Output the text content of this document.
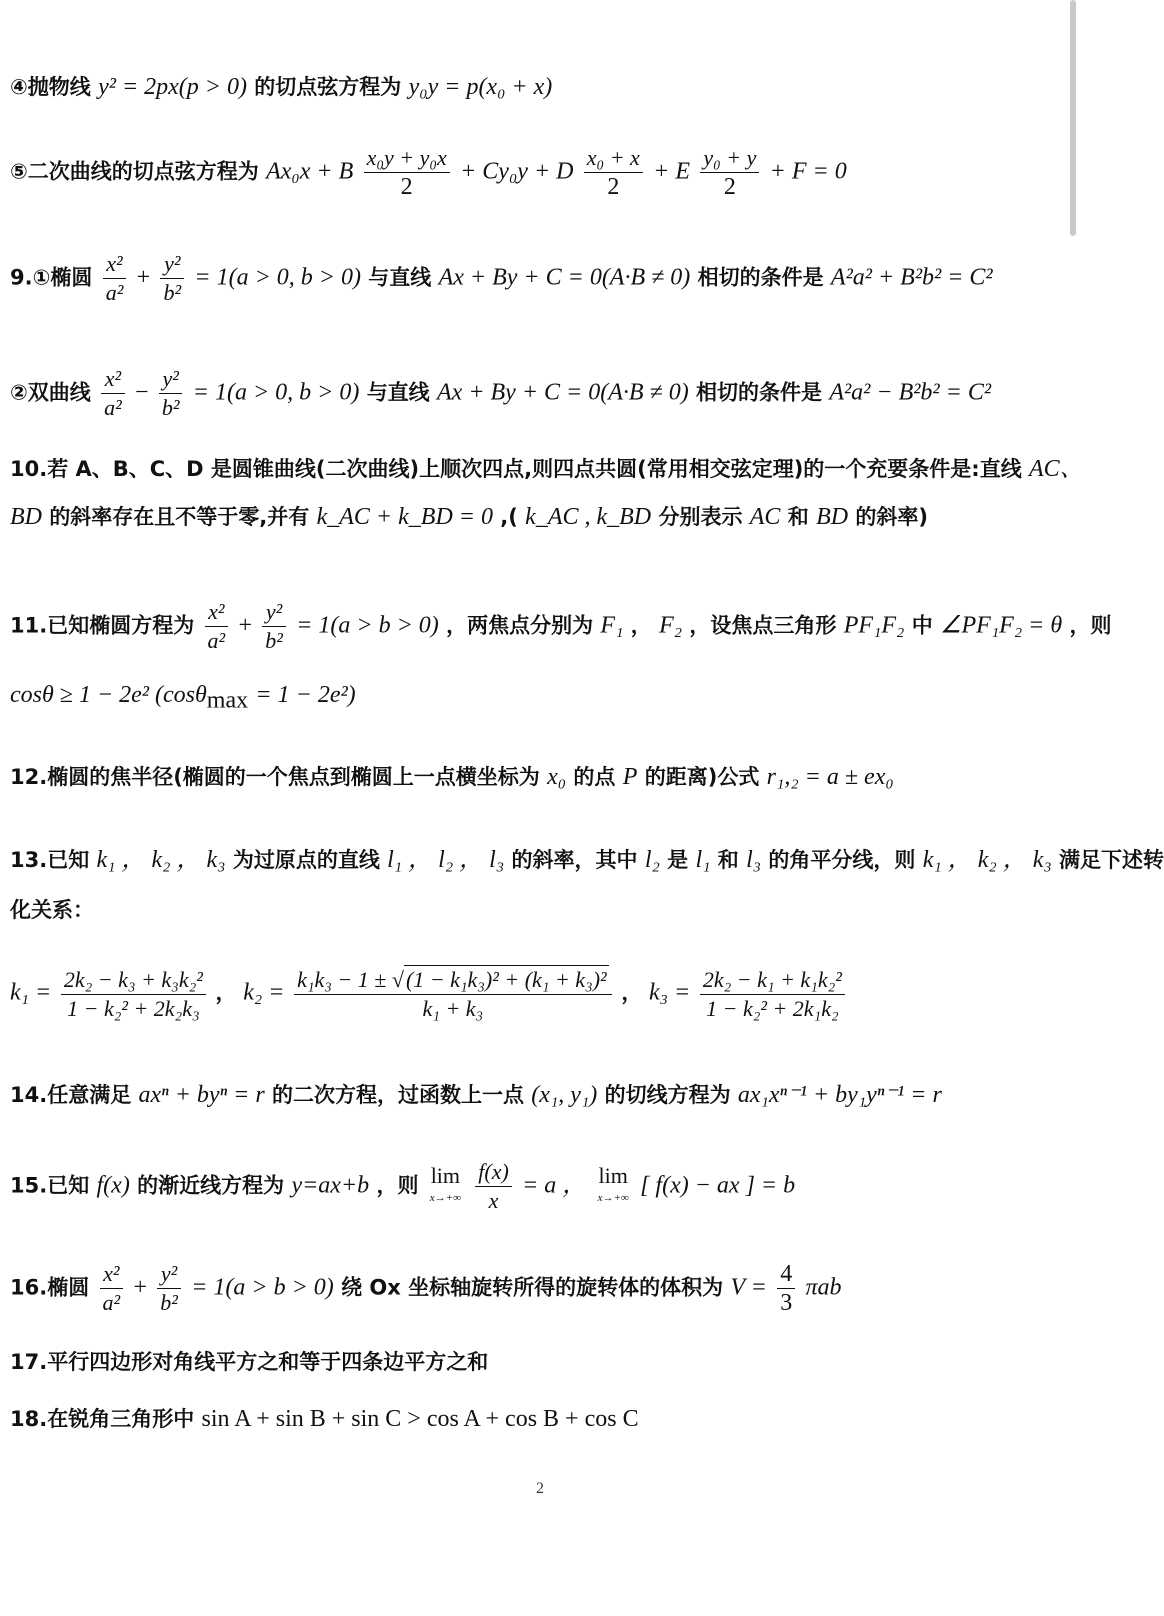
④抛物线 y² = 2px(p > 0) 的切点弦方程为 y₀y = p(x₀ + x)
⑤二次曲线的切点弦方程为 Ax₀x + B $\frac{\text{x₀y + y₀x}}{2} + Cy_0y + D \frac{\text{x₀ + x}}{2} + E \frac{\text{y₀ + y}}{2} + F = 0$
9.①椭圆 $\frac{\text{x²}}{\text{a²}} + \frac{\text{y²}}{\text{b²}} = 1(a > 0$, b > 0) 与直线 Ax + By + C = 0(A·B ≠ 0) 相切的条件是 A²a² + B²b² = C²
②双曲线 $\frac{\text{x²}}{\text{a²}} - \frac{\text{y²}}{\text{b²}} = 1(a > 0$, b > 0) 与直线 Ax + By + C = 0(A·B ≠ 0) 相切的条件是 A²a² − B²b² = C²
10.若 A、B、C、D 是圆锥曲线(二次曲线)上顺次四点,则四点共圆(常用相交弦定理)的一个充要条件是:直线 AC、
BD 的斜率存在且不等于零,并有 k_AC + k_BD = 0 ,( k_AC , k_BD 分别表示 AC 和 BD 的斜率)
11.已知椭圆方程为 $\frac{\text{x²}}{\text{a²}} + \frac{\text{y²}}{\text{b²}} = 1(a > b > 0)$ ，两焦点分别为 F₁ ， F₂ ，设焦点三角形 PF₁F₂ 中 ∠PF₁F₂ = θ ，则
cosθ ≥ 1 − 2e² (cosθ$_{max}$ = 1 − 2e²)
12.椭圆的焦半径(椭圆的一个焦点到椭圆上一点横坐标为 x₀ 的点 P 的距离)公式 r₁,₂ = a ± ex₀
13.已知 k₁ ， k₂ ， k₃ 为过原点的直线 l₁ ， l₂ ， l₃ 的斜率，其中 l₂ 是 l₁ 和 l₃ 的角平分线，则 k₁ ， k₂ ， k₃ 满足下述转
化关系：
$k_1 = \frac{\text{2k₂ − k₃ + k₃k₂²}}{\text{1 − k₂² + 2k₂k₃}}$ ， $k_2 = \frac{\text{k₁k₃ − 1 ± √(1 − k₁k₃)² + (k₁ + k₃)²}}{\text{k₁ + k₃}}$ ， $k_3 = \frac{\text{2k₂ − k₁ + k₁k₂²}}{\text{1 − k₂² + 2k₁k₂}}$
14.任意满足 axⁿ + byⁿ = r 的二次方程，过函数上一点 (x₁, y₁) 的切线方程为 ax₁xⁿ⁻¹ + by₁yⁿ⁻¹ = r
15.已知 f(x) 的渐近线方程为 y=ax+b ，则 lim
x→+∞
$\frac{f(x)}{x} = a$ ， lim
x→+∞ [ f(x) − ax ] = b
16.椭圆 $\frac{\text{x²}}{\text{a²}} + \frac{\text{y²}}{\text{b²}} = 1(a > b > 0)$ 绕 Ox 坐标轴旋转所得的旋转体的体积为 $V = \frac{4}{3}$ πab
17.平行四边形对角线平方之和等于四条边平方之和
18.在锐角三角形中 sin A + sin B + sin C > cos A + cos B + cos C
2
